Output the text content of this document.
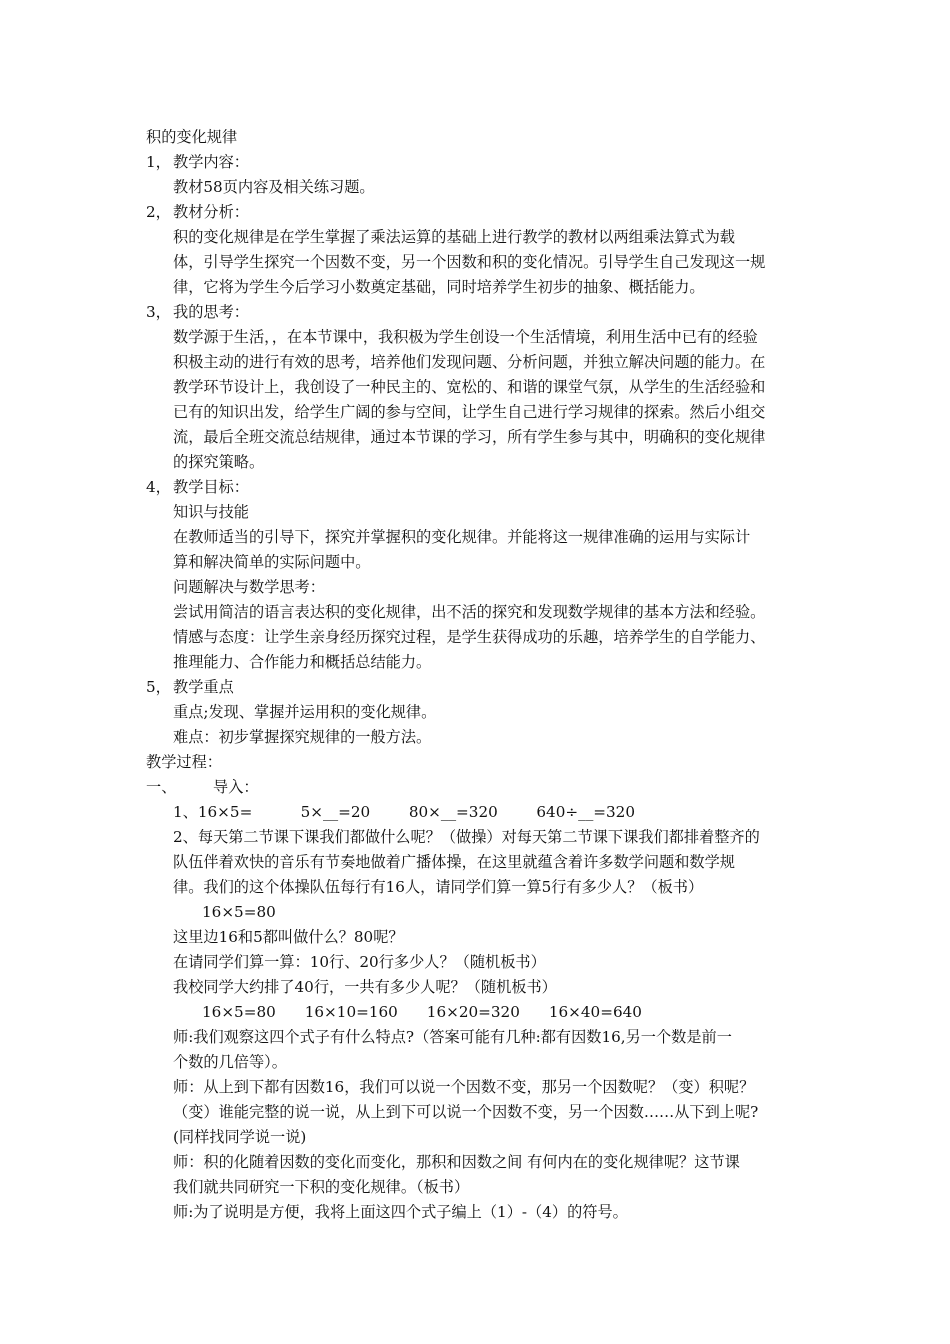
积的变化规律
1， 教学内容：
教材58页内容及相关练习题。
2， 教材分析：
积的变化规律是在学生掌握了乘法运算的基础上进行教学的教材以两组乘法算式为载
体，引导学生探究一个因数不变，另一个因数和积的变化情况。引导学生自己发现这一规
律，它将为学生今后学习小数奠定基础，同时培养学生初步的抽象、概括能力。
3， 我的思考：
数学源于生活，，在本节课中，我积极为学生创设一个生活情境，利用生活中已有的经验
积极主动的进行有效的思考，培养他们发现问题、分析问题，并独立解决问题的能力。在
教学环节设计上，我创设了一种民主的、宽松的、和谐的课堂气氛，从学生的生活经验和
已有的知识出发，给学生广阔的参与空间，让学生自己进行学习规律的探索。然后小组交
流，最后全班交流总结规律，通过本节课的学习，所有学生参与其中，明确积的变化规律
的探究策略。
4， 教学目标：
知识与技能
在教师适当的引导下，探究并掌握积的变化规律。并能将这一规律准确的运用与实际计
算和解决简单的实际问题中。
问题解决与数学思考：
尝试用简洁的语言表达积的变化规律，出不活的探究和发现数学规律的基本方法和经验。
情感与态度：让学生亲身经历探究过程，是学生获得成功的乐趣，培养学生的自学能力、
推理能力、合作能力和概括总结能力。
5， 教学重点
重点;发现、掌握并运用积的变化规律。
难点：初步掌握探究规律的一般方法。
教学过程：
一、 导入：
1、16×5=          5×__=20        80×__=320        640÷__=320
2、每天第二节课下课我们都做什么呢？（做操）对每天第二节课下课我们都排着整齐的
队伍伴着欢快的音乐有节奏地做着广播体操，在这里就蕴含着许多数学问题和数学规
律。我们的这个体操队伍每行有16人，请同学们算一算5行有多少人？（板书）
16×5=80
这里边16和5都叫做什么？80呢？
在请同学们算一算：10行、20行多少人？（随机板书）
我校同学大约排了40行，一共有多少人呢？（随机板书）
16×5=80      16×10=160      16×20=320      16×40=640
师:我们观察这四个式子有什么特点?（答案可能有几种:都有因数16,另一个数是前一
个数的几倍等）。
师：从上到下都有因数16，我们可以说一个因数不变，那另一个因数呢？（变）积呢？
（变）谁能完整的说一说，从上到下可以说一个因数不变，另一个因数……从下到上呢?
(同样找同学说一说)
师：积的化随着因数的变化而变化，那积和因数之间 有何内在的变化规律呢？这节课
我们就共同研究一下积的变化规律。（板书）
师:为了说明是方便，我将上面这四个式子编上（1）-（4）的符号。
